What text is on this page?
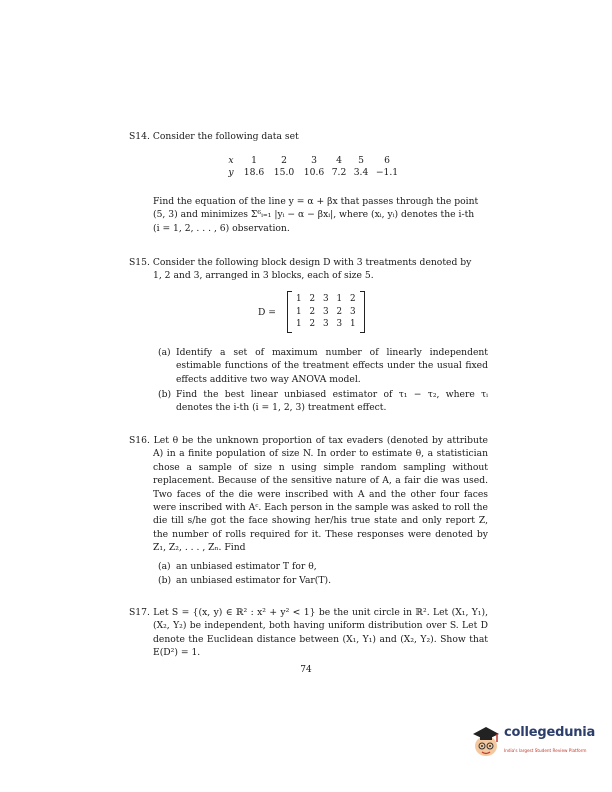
S14. Consider the following data set
x	1	2	3	4	5	6
y	18.6	15.0	10.6 7.2 3.4 −1.1
Find the equation of the line y = α + βx that passes through the point
(5, 3) and minimizes Σ⁶ᵢ₌₁ |yᵢ − α − βxᵢ|, where (xᵢ, yᵢ) denotes the i-th
(i = 1, 2, . . . , 6) observation.
S15. Consider the following block design D with 3 treatments denoted by
1, 2 and 3, arranged in 3 blocks, each of size 5.
D =
1 2 3 1 2
1 2 3 2 3
1 2 3 3 1
(a) Identify a set of maximum number of linearly independent estimable functions of the treatment effects under the usual fixed effects additive two way ANOVA model.
(b) Find the best linear unbiased estimator of τ₁ − τ₂, where τᵢ denotes the i-th (i = 1, 2, 3) treatment effect.
S16. Let θ be the unknown proportion of tax evaders (denoted by attribute A) in a finite population of size N. In order to estimate θ, a statistician chose a sample of size n using simple random sampling without replacement. Because of the sensitive nature of A, a fair die was used. Two faces of the die were inscribed with A and the other four faces were inscribed with Aᶜ. Each person in the sample was asked to roll the die till s/he got the face showing her/his true state and only report Z, the number of rolls required for it. These responses were denoted by Z₁, Z₂, . . . , Zₙ. Find
(a) an unbiased estimator T for θ,
(b) an unbiased estimator for Var(T).
S17. Let S = {(x, y) ∈ ℝ² : x² + y² < 1} be the unit circle in ℝ². Let (X₁, Y₁), (X₂, Y₂) be independent, both having uniform distribution over S. Let D denote the Euclidean distance between (X₁, Y₁) and (X₂, Y₂). Show that E(D²) = 1.
74
collegedunia
India's largest Student Review Platform
